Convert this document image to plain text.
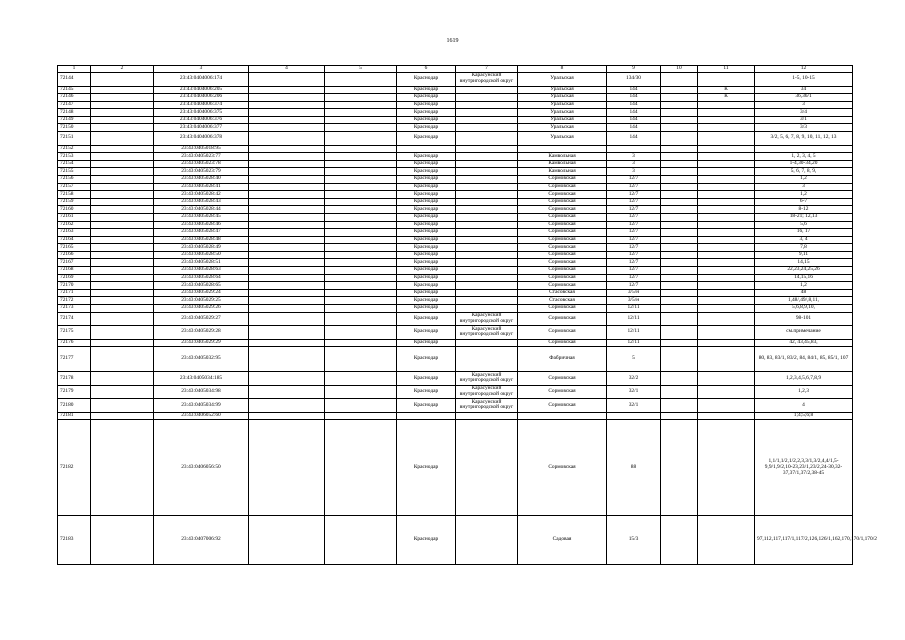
1619
1	2	3	4	5	6	7	8	9	10	11	12
72144		23:43:0404006:174			Краснодар	Карасунский внутригородской округ	Уральская	134/30			1-5, 10-15
72145		23:43:0404006:205			Краснодар		Уральская	144		К	34
72146		23:43:0404006:206			Краснодар		Уральская	144		К	36,36/1
72147		23:43:0404006:374			Краснодар		Уральская	144			3
72148		23:43:0404006:375			Краснодар		Уральская	144			3/4
72149		23:43:0404006:376			Краснодар		Уральская	144			3/1
72150		23:43:0404006:377			Краснодар		Уральская	144			3/3
72151		23:43:0404006:378			Краснодар		Уральская	144			3/2, 5, 6, 7, 8, 9, 10, 11, 12, 13
72152		23:43:0405018:95									
72153		23:43:0405023:77			Краснодар		Камвольная	3			1, 2, 3, 4, 5
72154		23:43:0405023:78			Краснодар		Камвольная	3			1-4,30-34,20
72155		23:43:0405023:79			Краснодар		Камвольная	3			5, 6, 7, 8, 9,
72156		23:43:0405028:40			Краснодар		Сормовская	12/7			1,2
72157		23:43:0405028:41			Краснодар		Сормовская	12/7			3
72158		23:43:0405028:42			Краснодар		Сормовская	12/7			1,2
72159		23:43:0405028:43			Краснодар		Сормовская	12/7			6-7
72160		23:43:0405028:44			Краснодар		Сормовская	12/7			8-12
72161		23:43:0405028:45			Краснодар		Сормовская	12/7			18-21; 12,13
72162		23:43:0405028:46			Краснодар		Сормовская	12/7			5,6
72163		23:43:0405028:47			Краснодар		Сормовская	12/7			16, 17
72164		23:43:0405028:48			Краснодар		Сормовская	12/7			3, 4
72165		23:43:0405028:49			Краснодар		Сормовская	12/7			7,8
72166		23:43:0405028:50			Краснодар		Сормовская	12/7			9,11
72167		23:43:0405028:51			Краснодар		Сормовская	12/7			14,15
72168		23:43:0405028:63			Краснодар		Сормовская	12/7			22,23,24,25,26
72169		23:43:0405028:64			Краснодар		Сормовская	12/7			14,15,16
72170		23:43:0405028:65			Краснодар		Сормовская	12/7			1,2
72171		23:43:0405029:24			Краснодар		Стасовская	3/5/н			48
72172		23:43:0405029:25			Краснодар		Стасовская	3/5/н			1,48/,49/,8,11,
72173		23:43:0405029:26			Краснодар		Сормовская	12/11			5,6,8,9,10,
72174		23:43:0405029:27			Краснодар	Карасунский внутригородской округ	Сормовская	12/11			98-101
72175		23:43:0405029:28			Краснодар	Карасунский внутригородской округ	Сормовская	12/11			см.примечание
72176		23:43:0405029:29			Краснодар		Сормовская	12/11			42, 43,45,83,
72177		23:43:0405032:95			Краснодар		Фабричная	5			80, 83, 83/1, 83/2, 84, 84/1, 85, 85/1, 107
72178		23:43:0405034:185			Краснодар	Карасунский внутригородской округ	Сормовская	32/2			1,2,3,4,5,6,7,8,9
72179		23:43:0405034:98			Краснодар	Карасунский внутригородской округ	Сормовская	32/1			1,2,3
72180		23:43:0405034:99			Краснодар	Карасунский внутригородской округ	Сормовская	32/1			4
72181		23:43:0406052:60									1;4;5;6;8
72182		23:43:0406056:50			Краснодар		Сормовская	88			1,1/1,1/2,1/2,2,3,3/1,3/2,4,4/1,5-9,9/1,9/2,10-23,23/1,23/2,24-30,32-37,37/1,37/2,38-45
72183		23:43:0407006:92			Краснодар		Садовая	15/3			97,112,117,117/1,117/2,126,126/1,162,170,170/1,170/2
